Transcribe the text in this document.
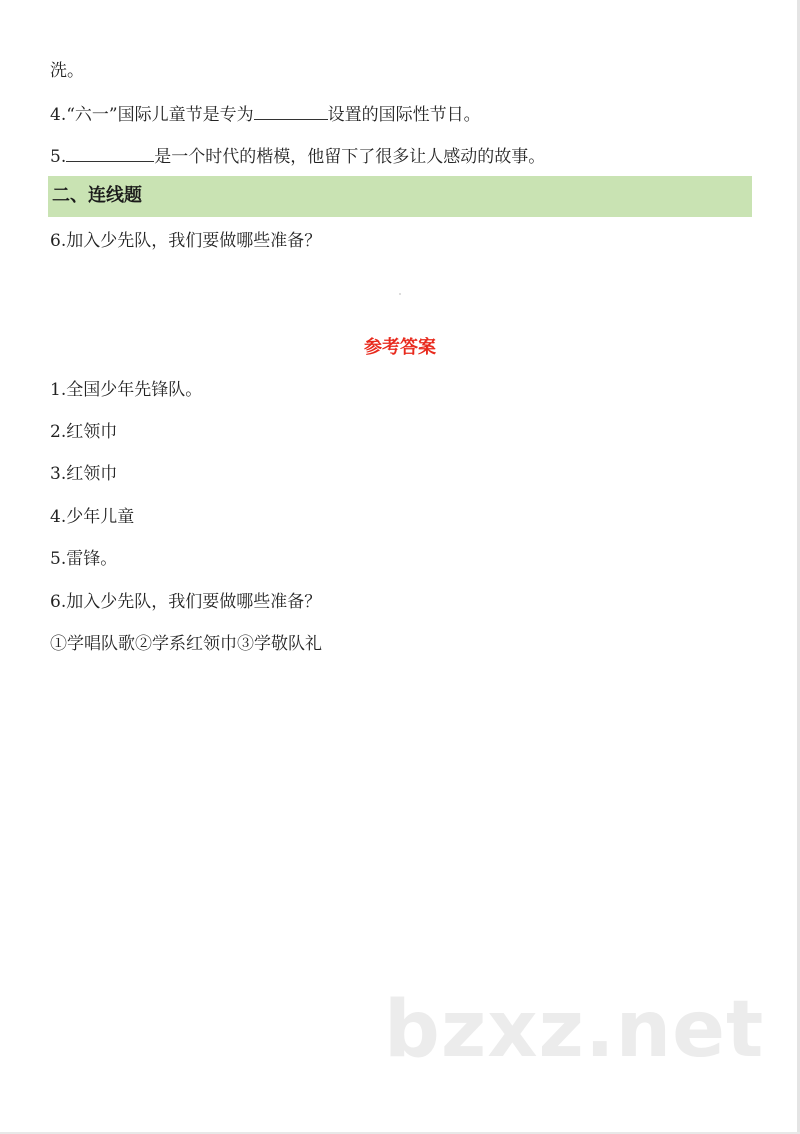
洗。
4.“六一”国际儿童节是专为	设置的国际性节日。
5.	是一个时代的楷模，他留下了很多让人感动的故事。
二、连线题
6.加入少先队，我们要做哪些准备？
参考答案
1.全国少年先锋队。
2.红领巾
3.红领巾
4.少年儿童
5.雷锋。
6.加入少先队，我们要做哪些准备？
①学唱队歌②学系红领巾③学敬队礼
bzxz.net
